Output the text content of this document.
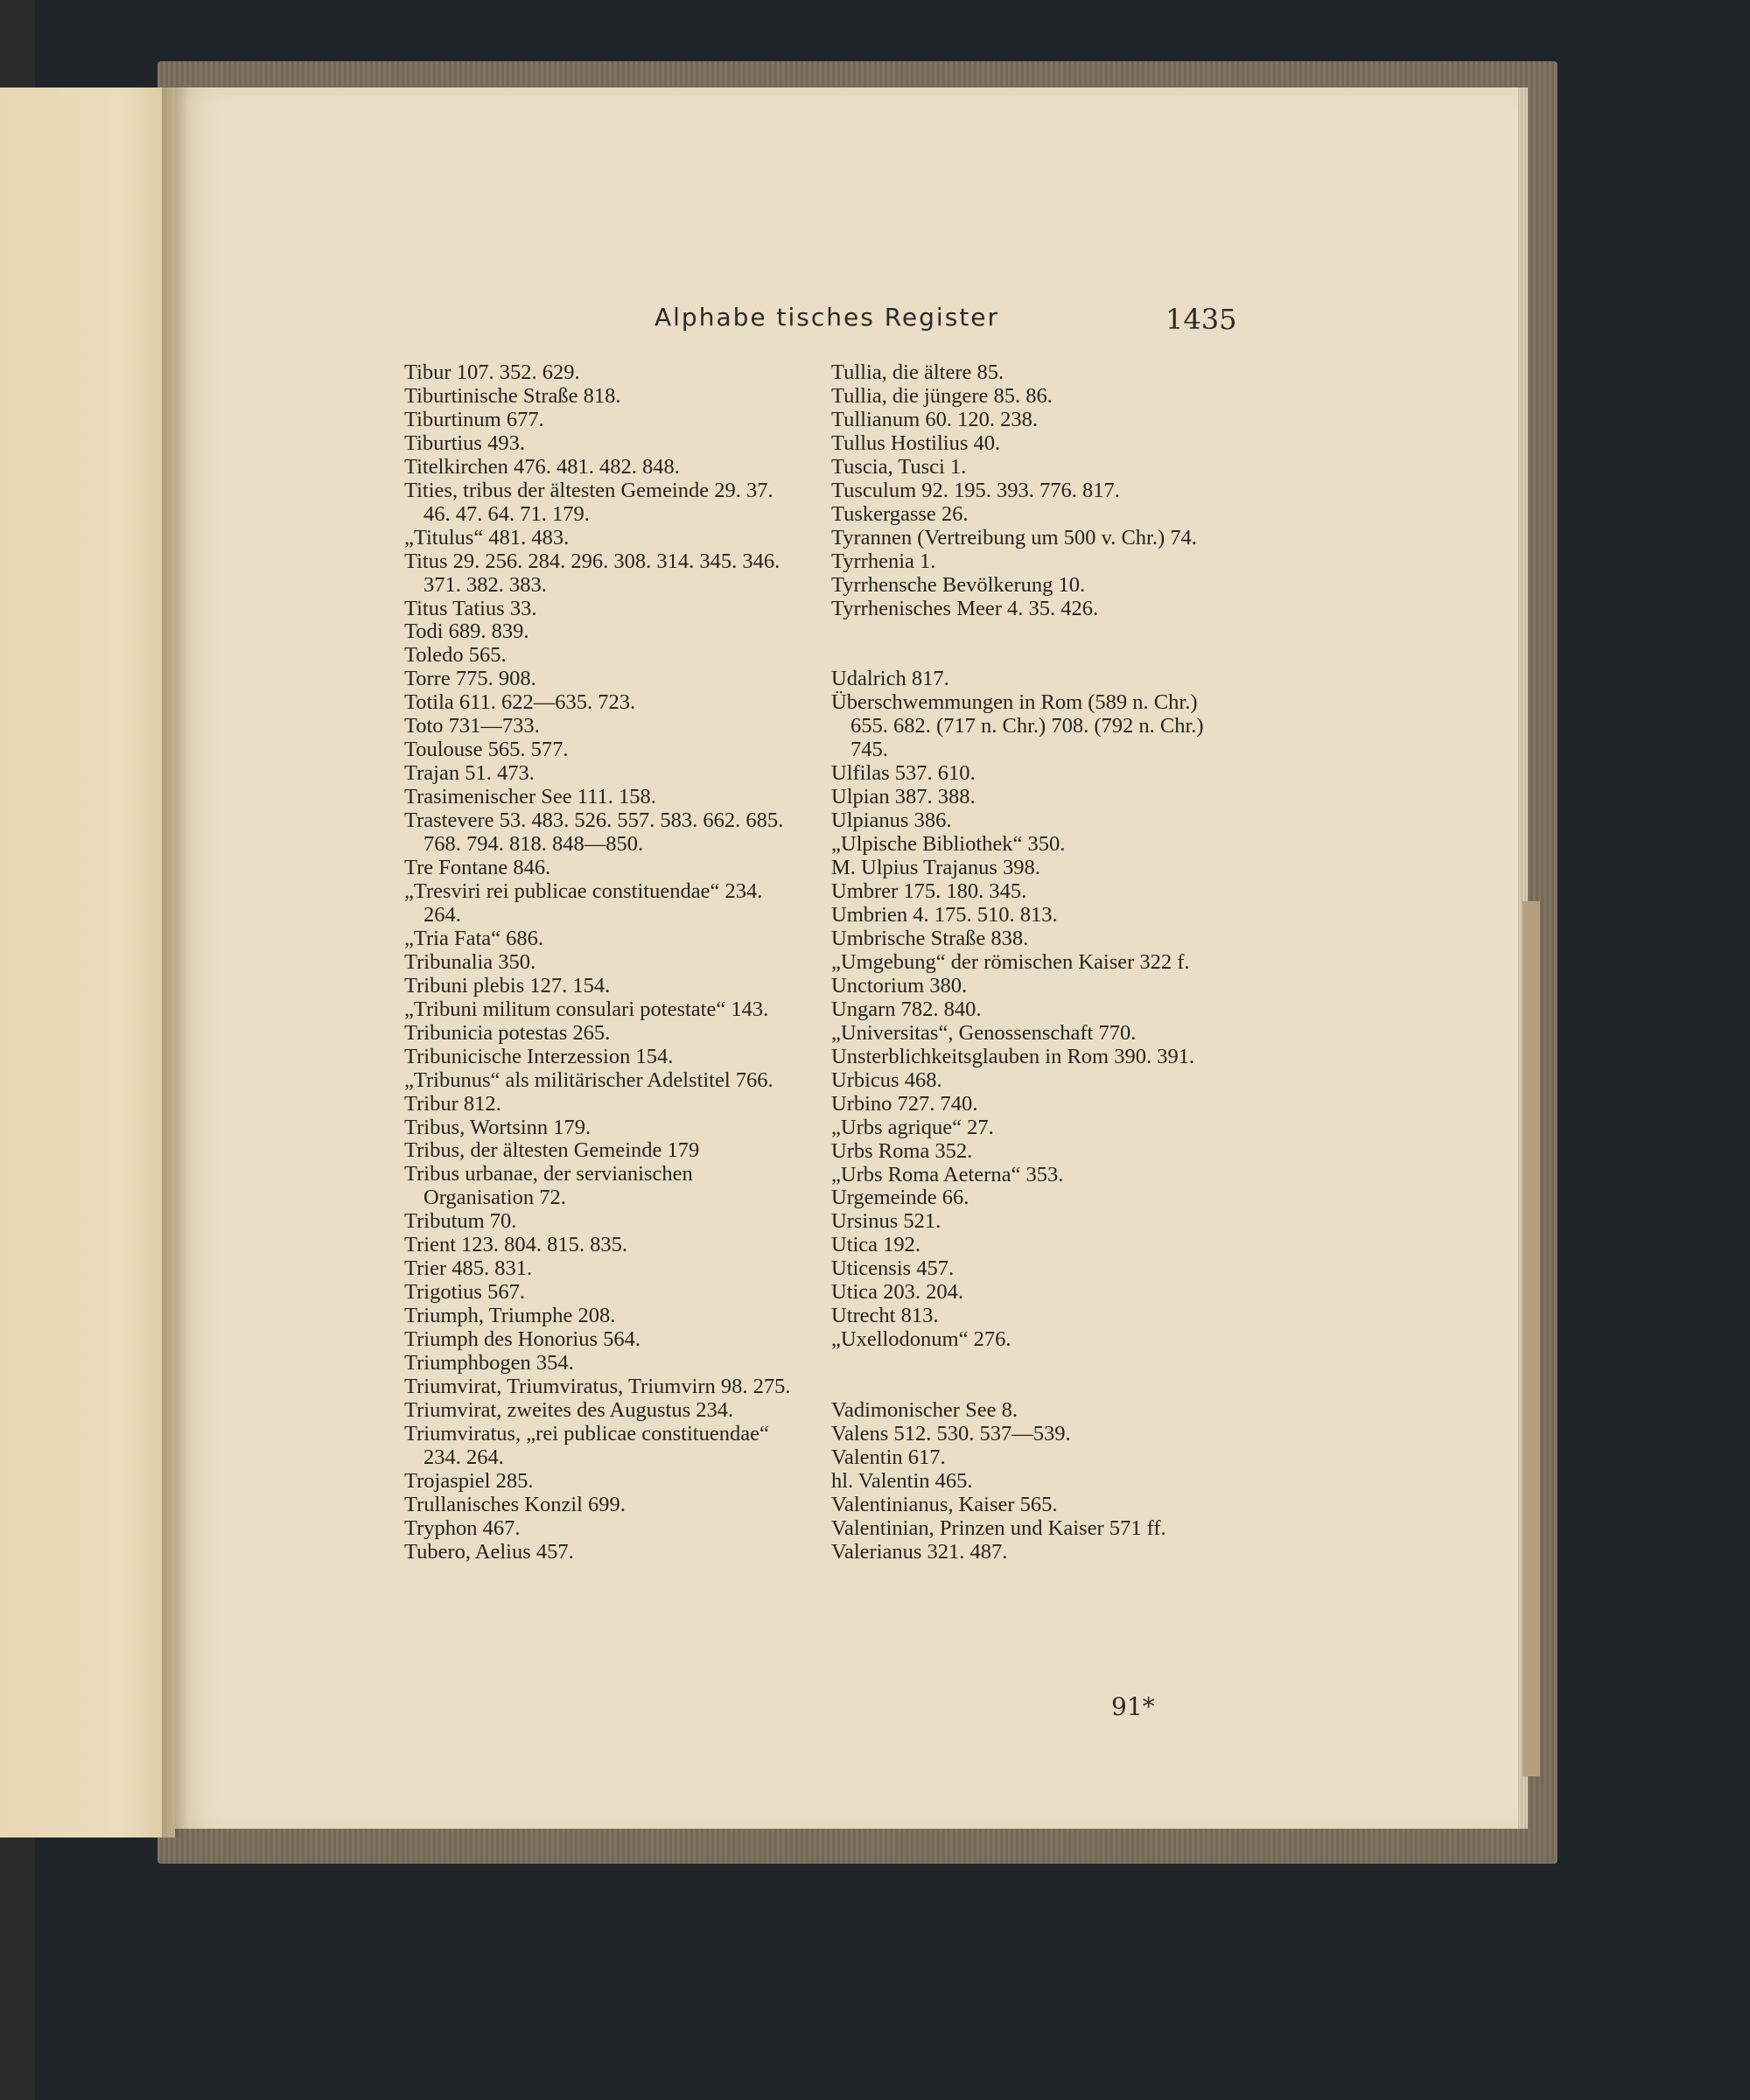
Alphabe tisches Register	1435

Tibur 107. 352. 629.

Tiburtinische Straße 818.

Tiburtinum 677.

Tiburtius 493.

Titelkirchen 476. 481. 482. 848.

Tities, tribus der ältesten Gemeinde 29. 37. 46. 47. 64. 71. 179.

„Titulus“ 481. 483.

Titus 29. 256. 284. 296. 308. 314. 345. 346. 371. 382. 383.

Titus Tatius 33.

Todi 689. 839.

Toledo 565.

Torre 775. 908.

Totila 611. 622—635. 723.

Toto 731—733.

Toulouse 565. 577.

Trajan 51. 473.

Trasimenischer See 111. 158.

Trastevere 53. 483. 526. 557. 583. 662. 685. 768. 794. 818. 848—850.

Tre Fontane 846.

„Tresviri rei publicae constituendae“ 234. 264.

„Tria Fata“ 686.

Tribunalia 350.

Tribuni plebis 127. 154.

„Tribuni militum consulari potestate“ 143.

Tribunicia potestas 265.

Tribunicische Interzession 154.

„Tribunus“ als militärischer Adelstitel 766.

Tribur 812.

Tribus, Wortsinn 179.

Tribus, der ältesten Gemeinde 179

Tribus urbanae, der servianischen Organisation 72.

Tributum 70.

Trient 123. 804. 815. 835.

Trier 485. 831.

Trigotius 567.

Triumph, Triumphe 208.

Triumph des Honorius 564.

Triumphbogen 354.

Triumvirat, Triumviratus, Triumvirn 98. 275.

Triumvirat, zweites des Augustus 234.

Triumviratus, „rei publicae constituendae“ 234. 264.

Trojaspiel 285.

Trullanisches Konzil 699.

Tryphon 467.

Tubero, Aelius 457.

Tullia, die ältere 85.

Tullia, die jüngere 85. 86.

Tullianum 60. 120. 238.

Tullus Hostilius 40.

Tuscia, Tusci 1.

Tusculum 92. 195. 393. 776. 817.

Tuskergasse 26.

Tyrannen (Vertreibung um 500 v. Chr.) 74.

Tyrrhenia 1.

Tyrrhensche Bevölkerung 10.

Tyrrhenisches Meer 4. 35. 426.

Udalrich 817.

Überschwemmungen in Rom (589 n. Chr.) 655. 682. (717 n. Chr.) 708. (792 n. Chr.) 745.

Ulfilas 537. 610.

Ulpian 387. 388.

Ulpianus 386.

„Ulpische Bibliothek“ 350.

M. Ulpius Trajanus 398.

Umbrer 175. 180. 345.

Umbrien 4. 175. 510. 813.

Umbrische Straße 838.

„Umgebung“ der römischen Kaiser 322 f.

Unctorium 380.

Ungarn 782. 840.

„Universitas“, Genossenschaft 770.

Unsterblichkeitsglauben in Rom 390. 391.

Urbicus 468.

Urbino 727. 740.

„Urbs agrique“ 27.

Urbs Roma 352.

„Urbs Roma Aeterna“ 353.

Urgemeinde 66.

Ursinus 521.

Utica 192.

Uticensis 457.

Utica 203. 204.

Utrecht 813.

„Uxellodonum“ 276.

Vadimonischer See 8.

Valens 512. 530. 537—539.

Valentin 617.

hl. Valentin 465.

Valentinianus, Kaiser 565.

Valentinian, Prinzen und Kaiser 571 ff.

Valerianus 321. 487.

91*
